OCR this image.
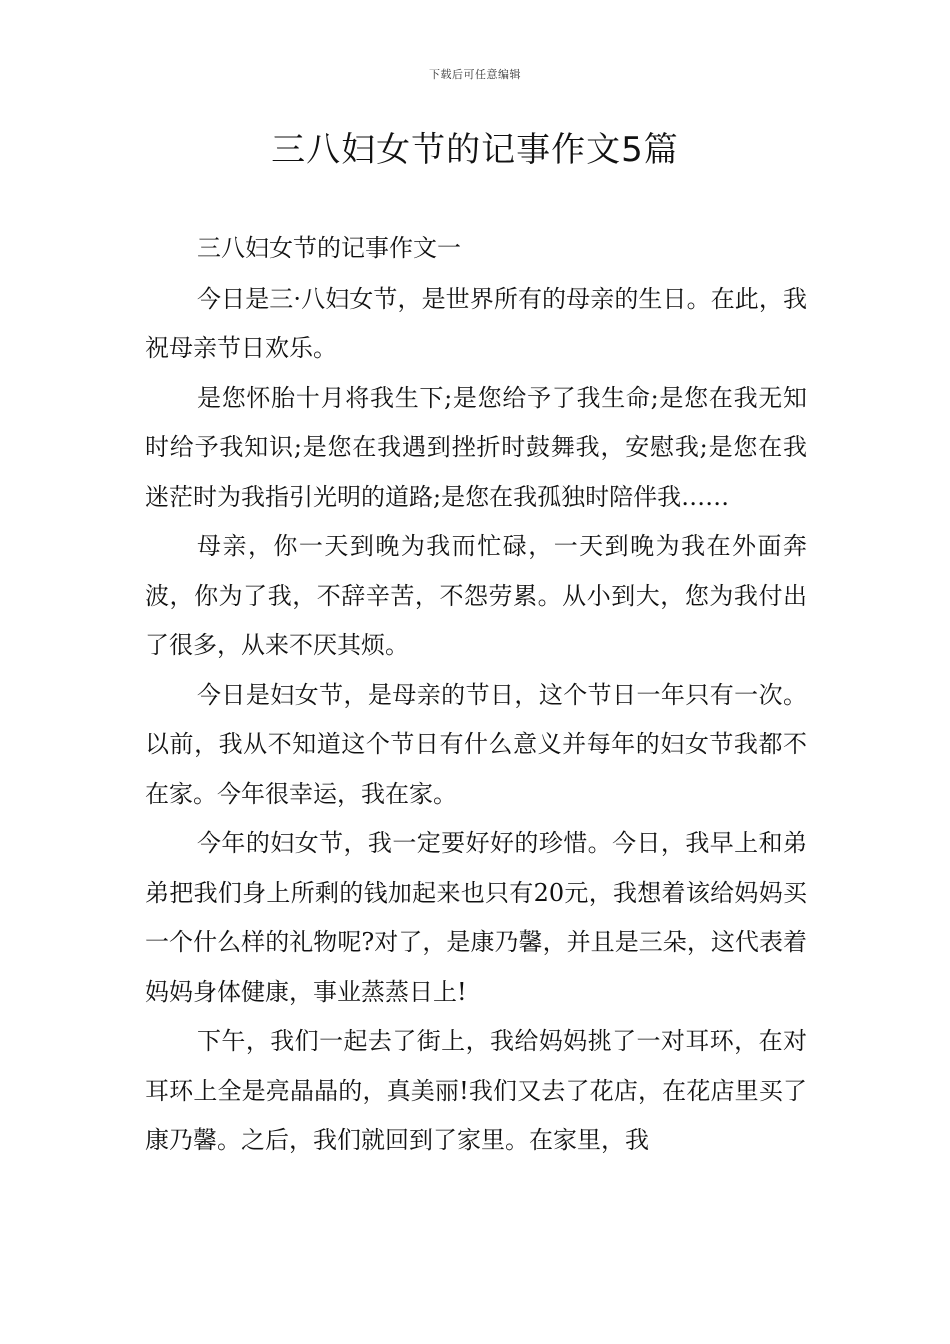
下载后可任意编辑
三八妇女节的记事作文5篇

三八妇女节的记事作文一

今日是三·八妇女节，是世界所有的母亲的生日。在此，我祝母亲节日欢乐。

是您怀胎十月将我生下;是您给予了我生命;是您在我无知时给予我知识;是您在我遇到挫折时鼓舞我，安慰我;是您在我迷茫时为我指引光明的道路;是您在我孤独时陪伴我……

母亲，你一天到晚为我而忙碌，一天到晚为我在外面奔波，你为了我，不辞辛苦，不怨劳累。从小到大，您为我付出了很多，从来不厌其烦。

今日是妇女节，是母亲的节日，这个节日一年只有一次。以前，我从不知道这个节日有什么意义并每年的妇女节我都不在家。今年很幸运，我在家。

今年的妇女节，我一定要好好的珍惜。今日，我早上和弟弟把我们身上所剩的钱加起来也只有20元，我想着该给妈妈买一个什么样的礼物呢?对了，是康乃馨，并且是三朵，这代表着妈妈身体健康，事业蒸蒸日上!

下午，我们一起去了街上，我给妈妈挑了一对耳环，在对耳环上全是亮晶晶的，真美丽!我们又去了花店，在花店里买了康乃馨。之后，我们就回到了家里。在家里，我
